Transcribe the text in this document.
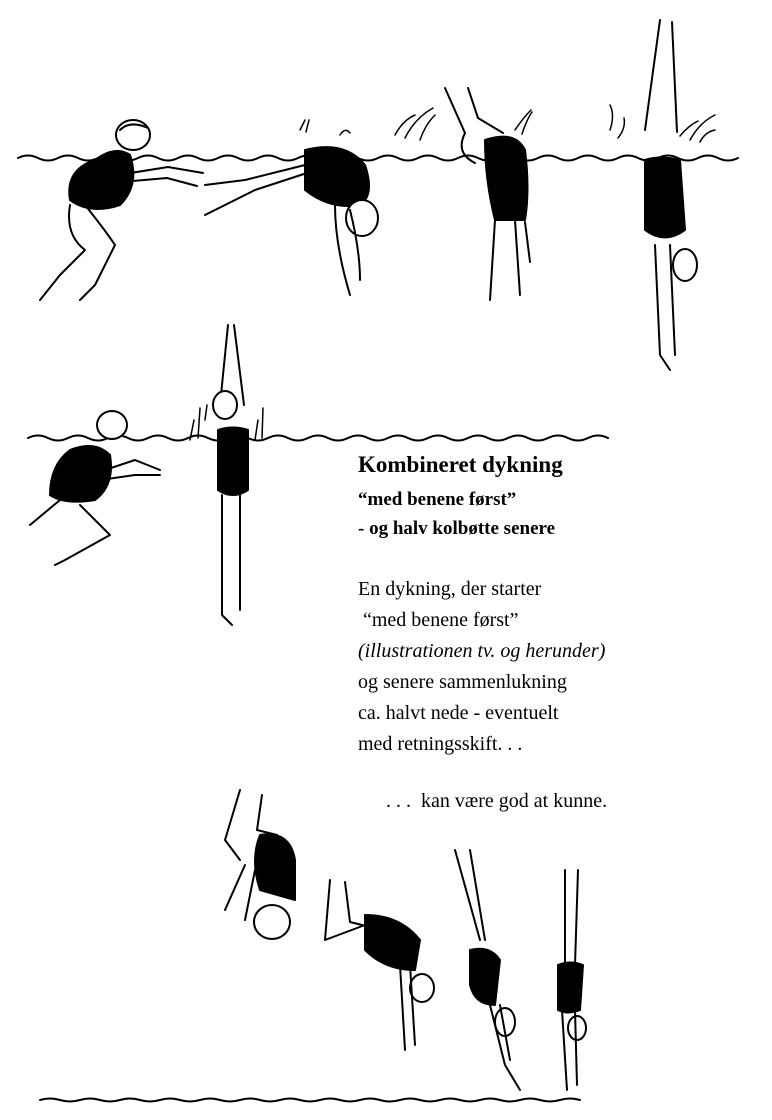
Kombineret dykning
“med benene først”
- og halv kolbøtte senere
En dykning, der starter
“med benene først”
(illustrationen tv. og herunder)
og senere sammenlukning
ca. halvt nede - eventuelt
med retningsskift. . .
. . .  kan være god at kunne.
